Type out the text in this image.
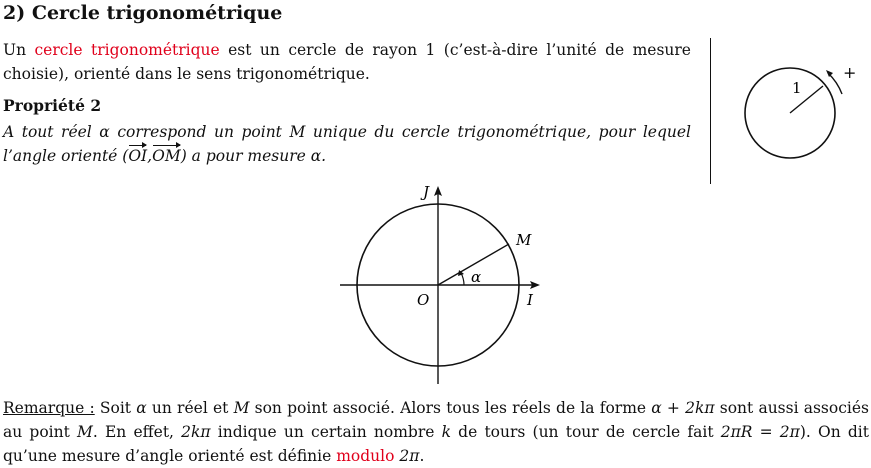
2) Cercle trigonométrique
Un cercle trigonométrique est un cercle de rayon 1 (c’est-à-dire l’unité de mesure choisie), orienté dans le sens trigonométrique.
Propriété 2
A tout réel α correspond un point M unique du cercle trigonométrique, pour lequel l’angle orienté (OI,OM) a pour mesure α.
1
+
J
M
α
O	I
Remarque : Soit α un réel et M son point associé. Alors tous les réels de la forme α + 2kπ sont aussi associés au point M. En effet, 2kπ indique un certain nombre k de tours (un tour de cercle fait 2πR = 2π). On dit qu’une mesure d’angle orienté est définie modulo 2π.
